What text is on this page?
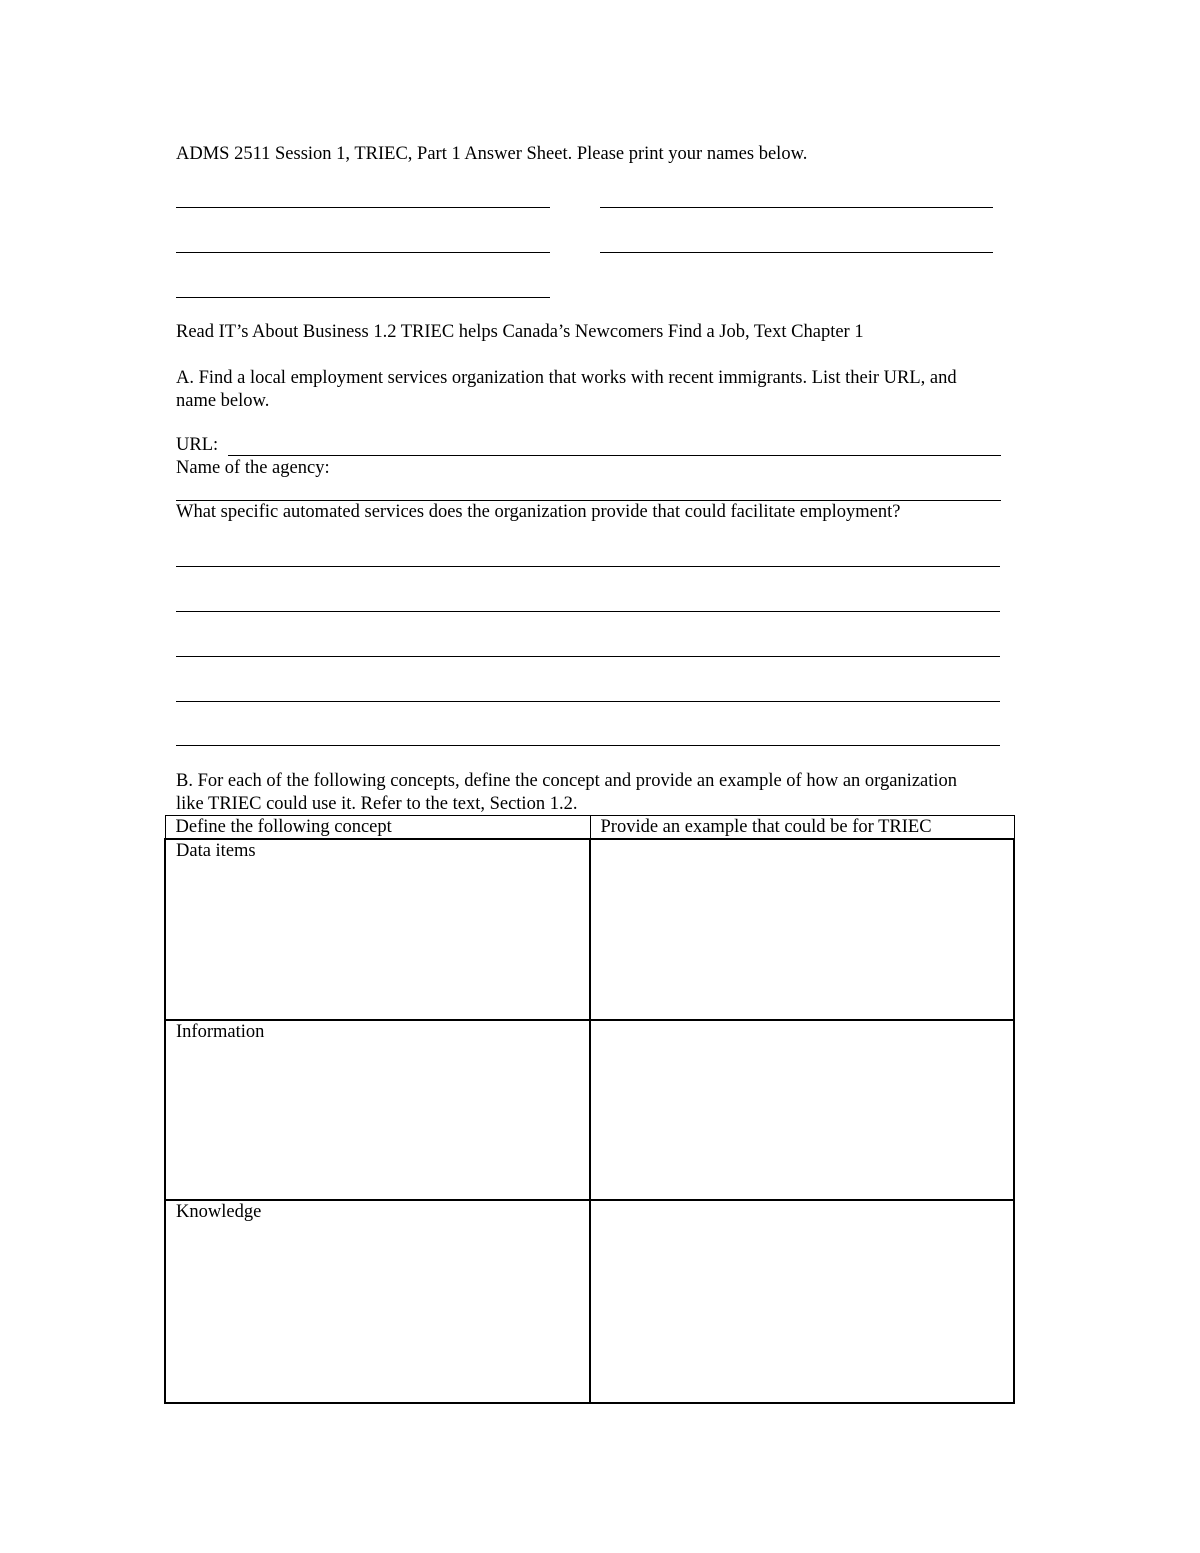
ADMS 2511 Session 1, TRIEC, Part 1 Answer Sheet. Please print your names below.
Read IT’s About Business 1.2 TRIEC helps Canada’s Newcomers Find a Job, Text Chapter 1
A. Find a local employment services organization that works with recent immigrants. List their URL, and
name below.
URL:
Name of the agency:
What specific automated services does the organization provide that could facilitate employment?
B. For each of the following concepts, define the concept and provide an example of how an organization
like TRIEC could use it. Refer to the text, Section 1.2.
Define the following concept	Provide an example that could be for TRIEC
Data items	
Information	
Knowledge	
